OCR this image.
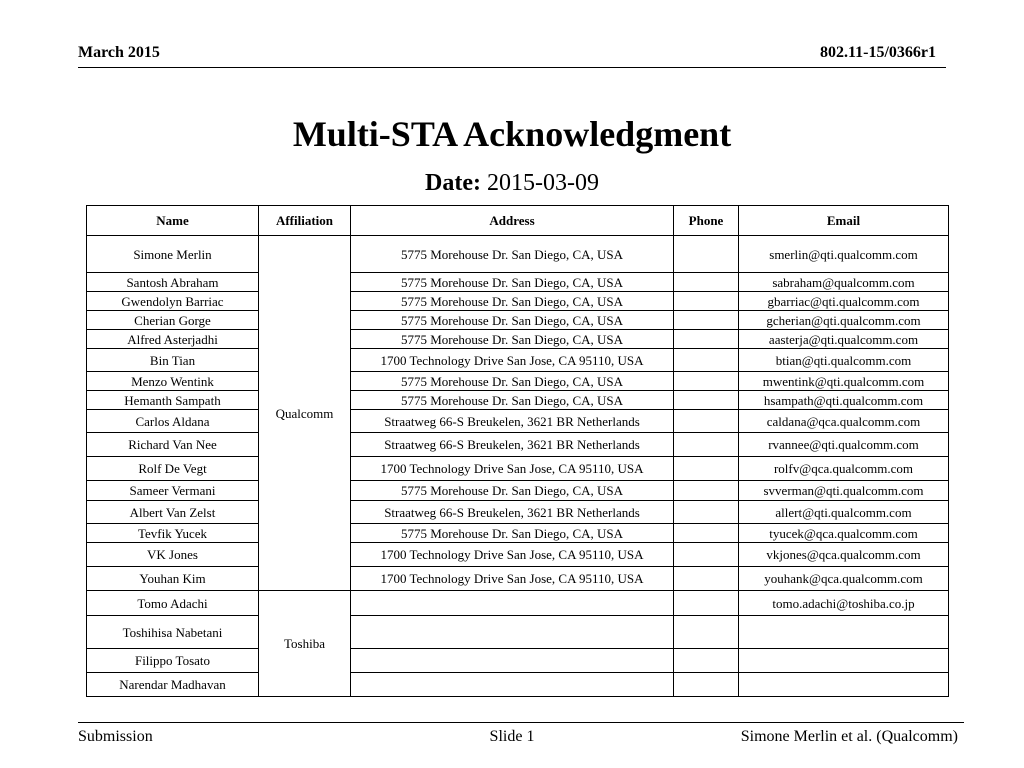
March 2015	802.11-15/0366r1
Multi-STA Acknowledgment
Date: 2015-03-09
Name	Affiliation	Address	Phone	Email
Simone Merlin	Qualcomm	5775 Morehouse Dr. San Diego, CA, USA		smerlin@qti.qualcomm.com
Santosh Abraham		5775 Morehouse Dr. San Diego, CA, USA		sabraham@qualcomm.com
Gwendolyn Barriac		5775 Morehouse Dr. San Diego, CA, USA		gbarriac@qti.qualcomm.com
Cherian Gorge		5775 Morehouse Dr. San Diego, CA, USA		gcherian@qti.qualcomm.com
Alfred Asterjadhi		5775 Morehouse Dr. San Diego, CA, USA		aasterja@qti.qualcomm.com
Bin Tian		1700 Technology Drive San Jose, CA 95110, USA		btian@qti.qualcomm.com
Menzo Wentink		5775 Morehouse Dr. San Diego, CA, USA		mwentink@qti.qualcomm.com
Hemanth Sampath		5775 Morehouse Dr. San Diego, CA, USA		hsampath@qti.qualcomm.com
Carlos Aldana		Straatweg 66-S Breukelen, 3621 BR Netherlands		caldana@qca.qualcomm.com
Richard Van Nee		Straatweg 66-S Breukelen, 3621 BR Netherlands		rvannee@qti.qualcomm.com
Rolf De Vegt		1700 Technology Drive San Jose, CA 95110, USA		rolfv@qca.qualcomm.com
Sameer Vermani		5775 Morehouse Dr. San Diego, CA, USA		svverman@qti.qualcomm.com
Albert Van Zelst		Straatweg 66-S Breukelen, 3621 BR Netherlands		allert@qti.qualcomm.com
Tevfik Yucek		5775 Morehouse Dr. San Diego, CA, USA		tyucek@qca.qualcomm.com
VK Jones		1700 Technology Drive San Jose, CA 95110, USA		vkjones@qca.qualcomm.com
Youhan Kim		1700 Technology Drive San Jose, CA 95110, USA		youhank@qca.qualcomm.com
Tomo Adachi	Toshiba			tomo.adachi@toshiba.co.jp
Toshihisa Nabetani				
Filippo Tosato				
Narendar Madhavan				
Submission	Slide 1	Simone Merlin et al. (Qualcomm)
